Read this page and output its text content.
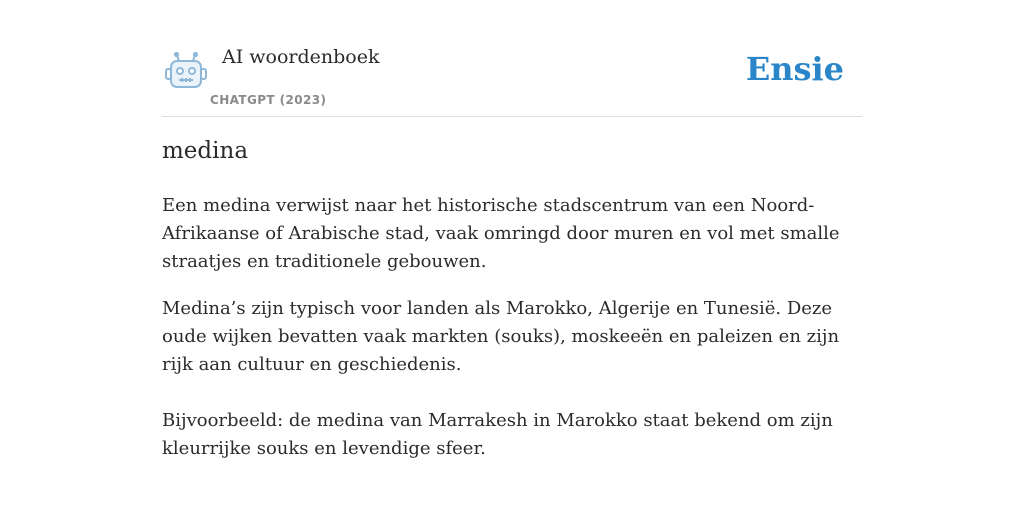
AI woordenboek
CHATGPT (2023)
Ensie
medina

Een medina verwijst naar het historische stadscentrum van een Noord-Afrikaanse of Arabische stad, vaak omringd door muren en vol met smalle straatjes en traditionele gebouwen.

Medina’s zijn typisch voor landen als Marokko, Algerije en Tunesië. Deze oude wijken bevatten vaak markten (souks), moskeeën en paleizen en zijn rijk aan cultuur en geschiedenis.

Bijvoorbeeld: de medina van Marrakesh in Marokko staat bekend om zijn kleurrijke souks en levendige sfeer.
